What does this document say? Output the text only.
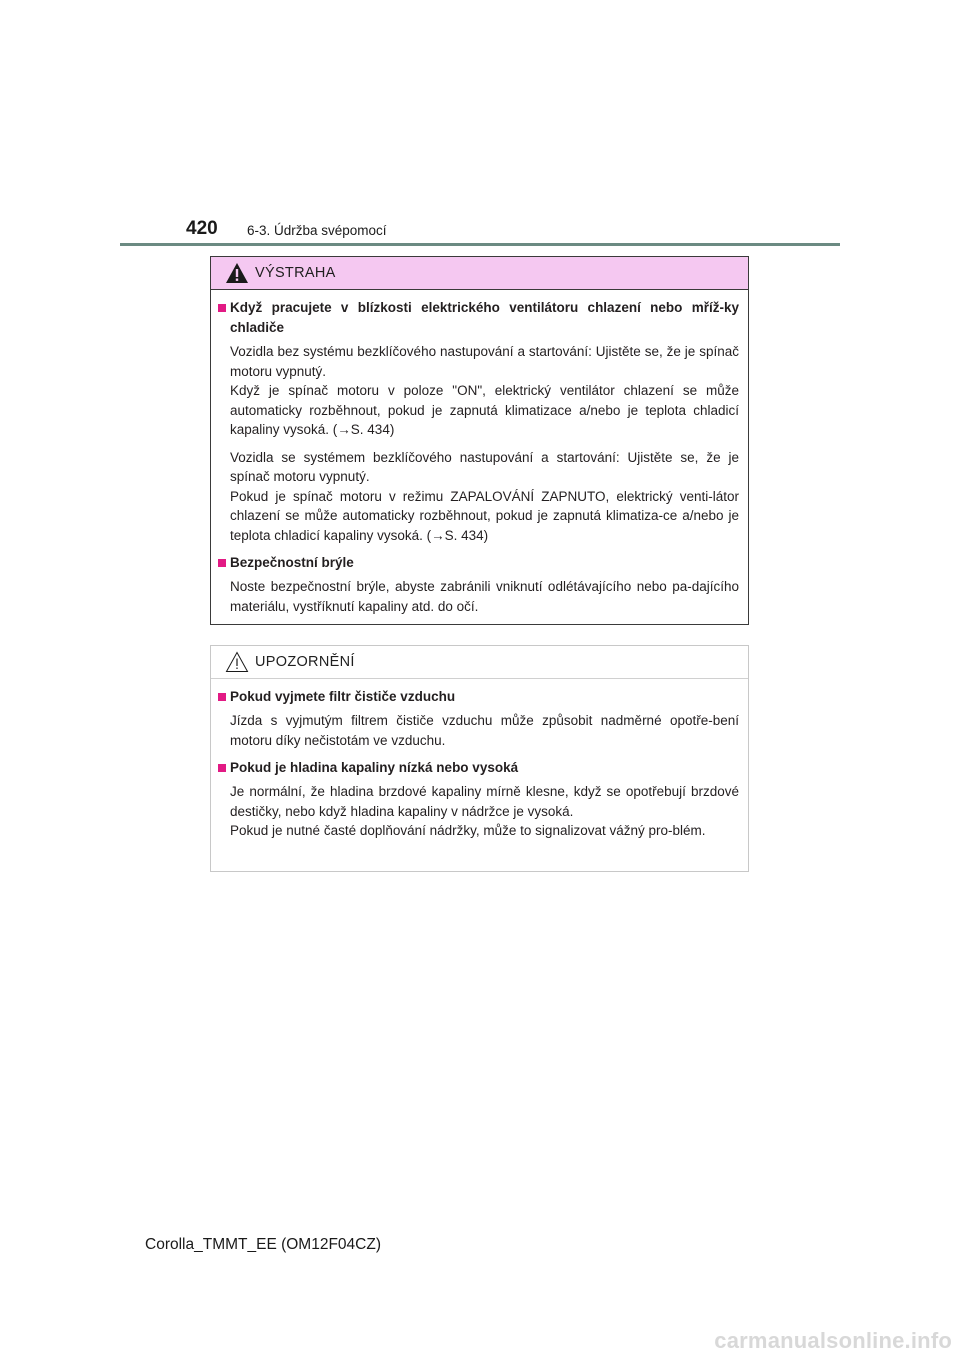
420 6-3. Údržba svépomocí
VÝSTRAHA
Když pracujete v blízkosti elektrického ventilátoru chlazení nebo mříž-ky chladiče

Vozidla bez systému bezklíčového nastupování a startování: Ujistěte se, že je spínač motoru vypnutý.
Když je spínač motoru v poloze "ON", elektrický ventilátor chlazení se může automaticky rozběhnout, pokud je zapnutá klimatizace a/nebo je teplota chladicí kapaliny vysoká. (→S. 434)

Vozidla se systémem bezklíčového nastupování a startování: Ujistěte se, že je spínač motoru vypnutý.
Pokud je spínač motoru v režimu ZAPALOVÁNÍ ZAPNUTO, elektrický venti-látor chlazení se může automaticky rozběhnout, pokud je zapnutá klimatiza-ce a/nebo je teplota chladicí kapaliny vysoká. (→S. 434)

Bezpečnostní brýle

Noste bezpečnostní brýle, abyste zabránili vniknutí odlétávajícího nebo pa-dajícího materiálu, vystříknutí kapaliny atd. do očí.

UPOZORNĚNÍ
Pokud vyjmete filtr čističe vzduchu

Jízda s vyjmutým filtrem čističe vzduchu může způsobit nadměrné opotře-bení motoru díky nečistotám ve vzduchu.

Pokud je hladina kapaliny nízká nebo vysoká

Je normální, že hladina brzdové kapaliny mírně klesne, když se opotřebují brzdové destičky, nebo když hladina kapaliny v nádržce je vysoká.
Pokud je nutné časté doplňování nádržky, může to signalizovat vážný pro-blém.

Corolla_TMMT_EE (OM12F04CZ)
carmanualsonline.info
